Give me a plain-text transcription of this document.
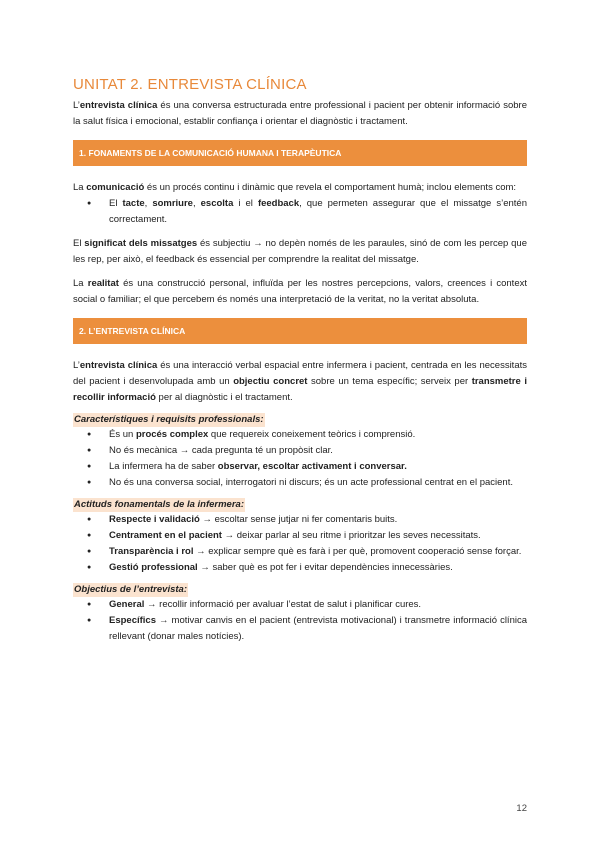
UNITAT 2. ENTREVISTA CLÍNICA

L’entrevista clínica és una conversa estructurada entre professional i pacient per obtenir informació sobre la salut física i emocional, establir confiança i orientar el diagnòstic i tractament.

1. FONAMENTS DE LA COMUNICACIÓ HUMANA I TERAPÈUTICA

La comunicació és un procés continu i dinàmic que revela el comportament humà; inclou elements com:

● El tacte, somriure, escolta i el feedback, que permeten assegurar que el missatge s’entén correctament.

El significat dels missatges és subjectiu → no depèn només de les paraules, sinó de com les percep que les rep, per això, el feedback és essencial per comprendre la realitat del missatge.

La realitat és una construcció personal, influïda per les nostres percepcions, valors, creences i context social o familiar; el que percebem és només una interpretació de la veritat, no la veritat absoluta.

2. L’ENTREVISTA CLÍNICA

L’entrevista clínica és una interacció verbal espacial entre infermera i pacient, centrada en les necessitats del pacient i desenvolupada amb un objectiu concret sobre un tema específic; serveix per transmetre i recollir informació per al diagnòstic i el tractament.

Característiques i requisits professionals:
● És un procés complex que requereix coneixement teòrics i comprensió.
● No és mecànica → cada pregunta té un propòsit clar.
● La infermera ha de saber observar, escoltar activament i conversar.
● No és una conversa social, interrogatori ni discurs; és un acte professional centrat en el pacient.
Actituds fonamentals de la infermera:
● Respecte i validació → escoltar sense jutjar ni fer comentaris buits.
● Centrament en el pacient → deixar parlar al seu ritme i prioritzar les seves necessitats.
● Transparència i rol → explicar sempre què es farà i per què, promovent cooperació sense forçar.
● Gestió professional → saber què es pot fer i evitar dependències innecessàries.
Objectius de l’entrevista:
● General → recollir informació per avaluar l’estat de salut i planificar cures.
● Específics → motivar canvis en el pacient (entrevista motivacional) i transmetre informació clínica rellevant (donar males notícies).
12
